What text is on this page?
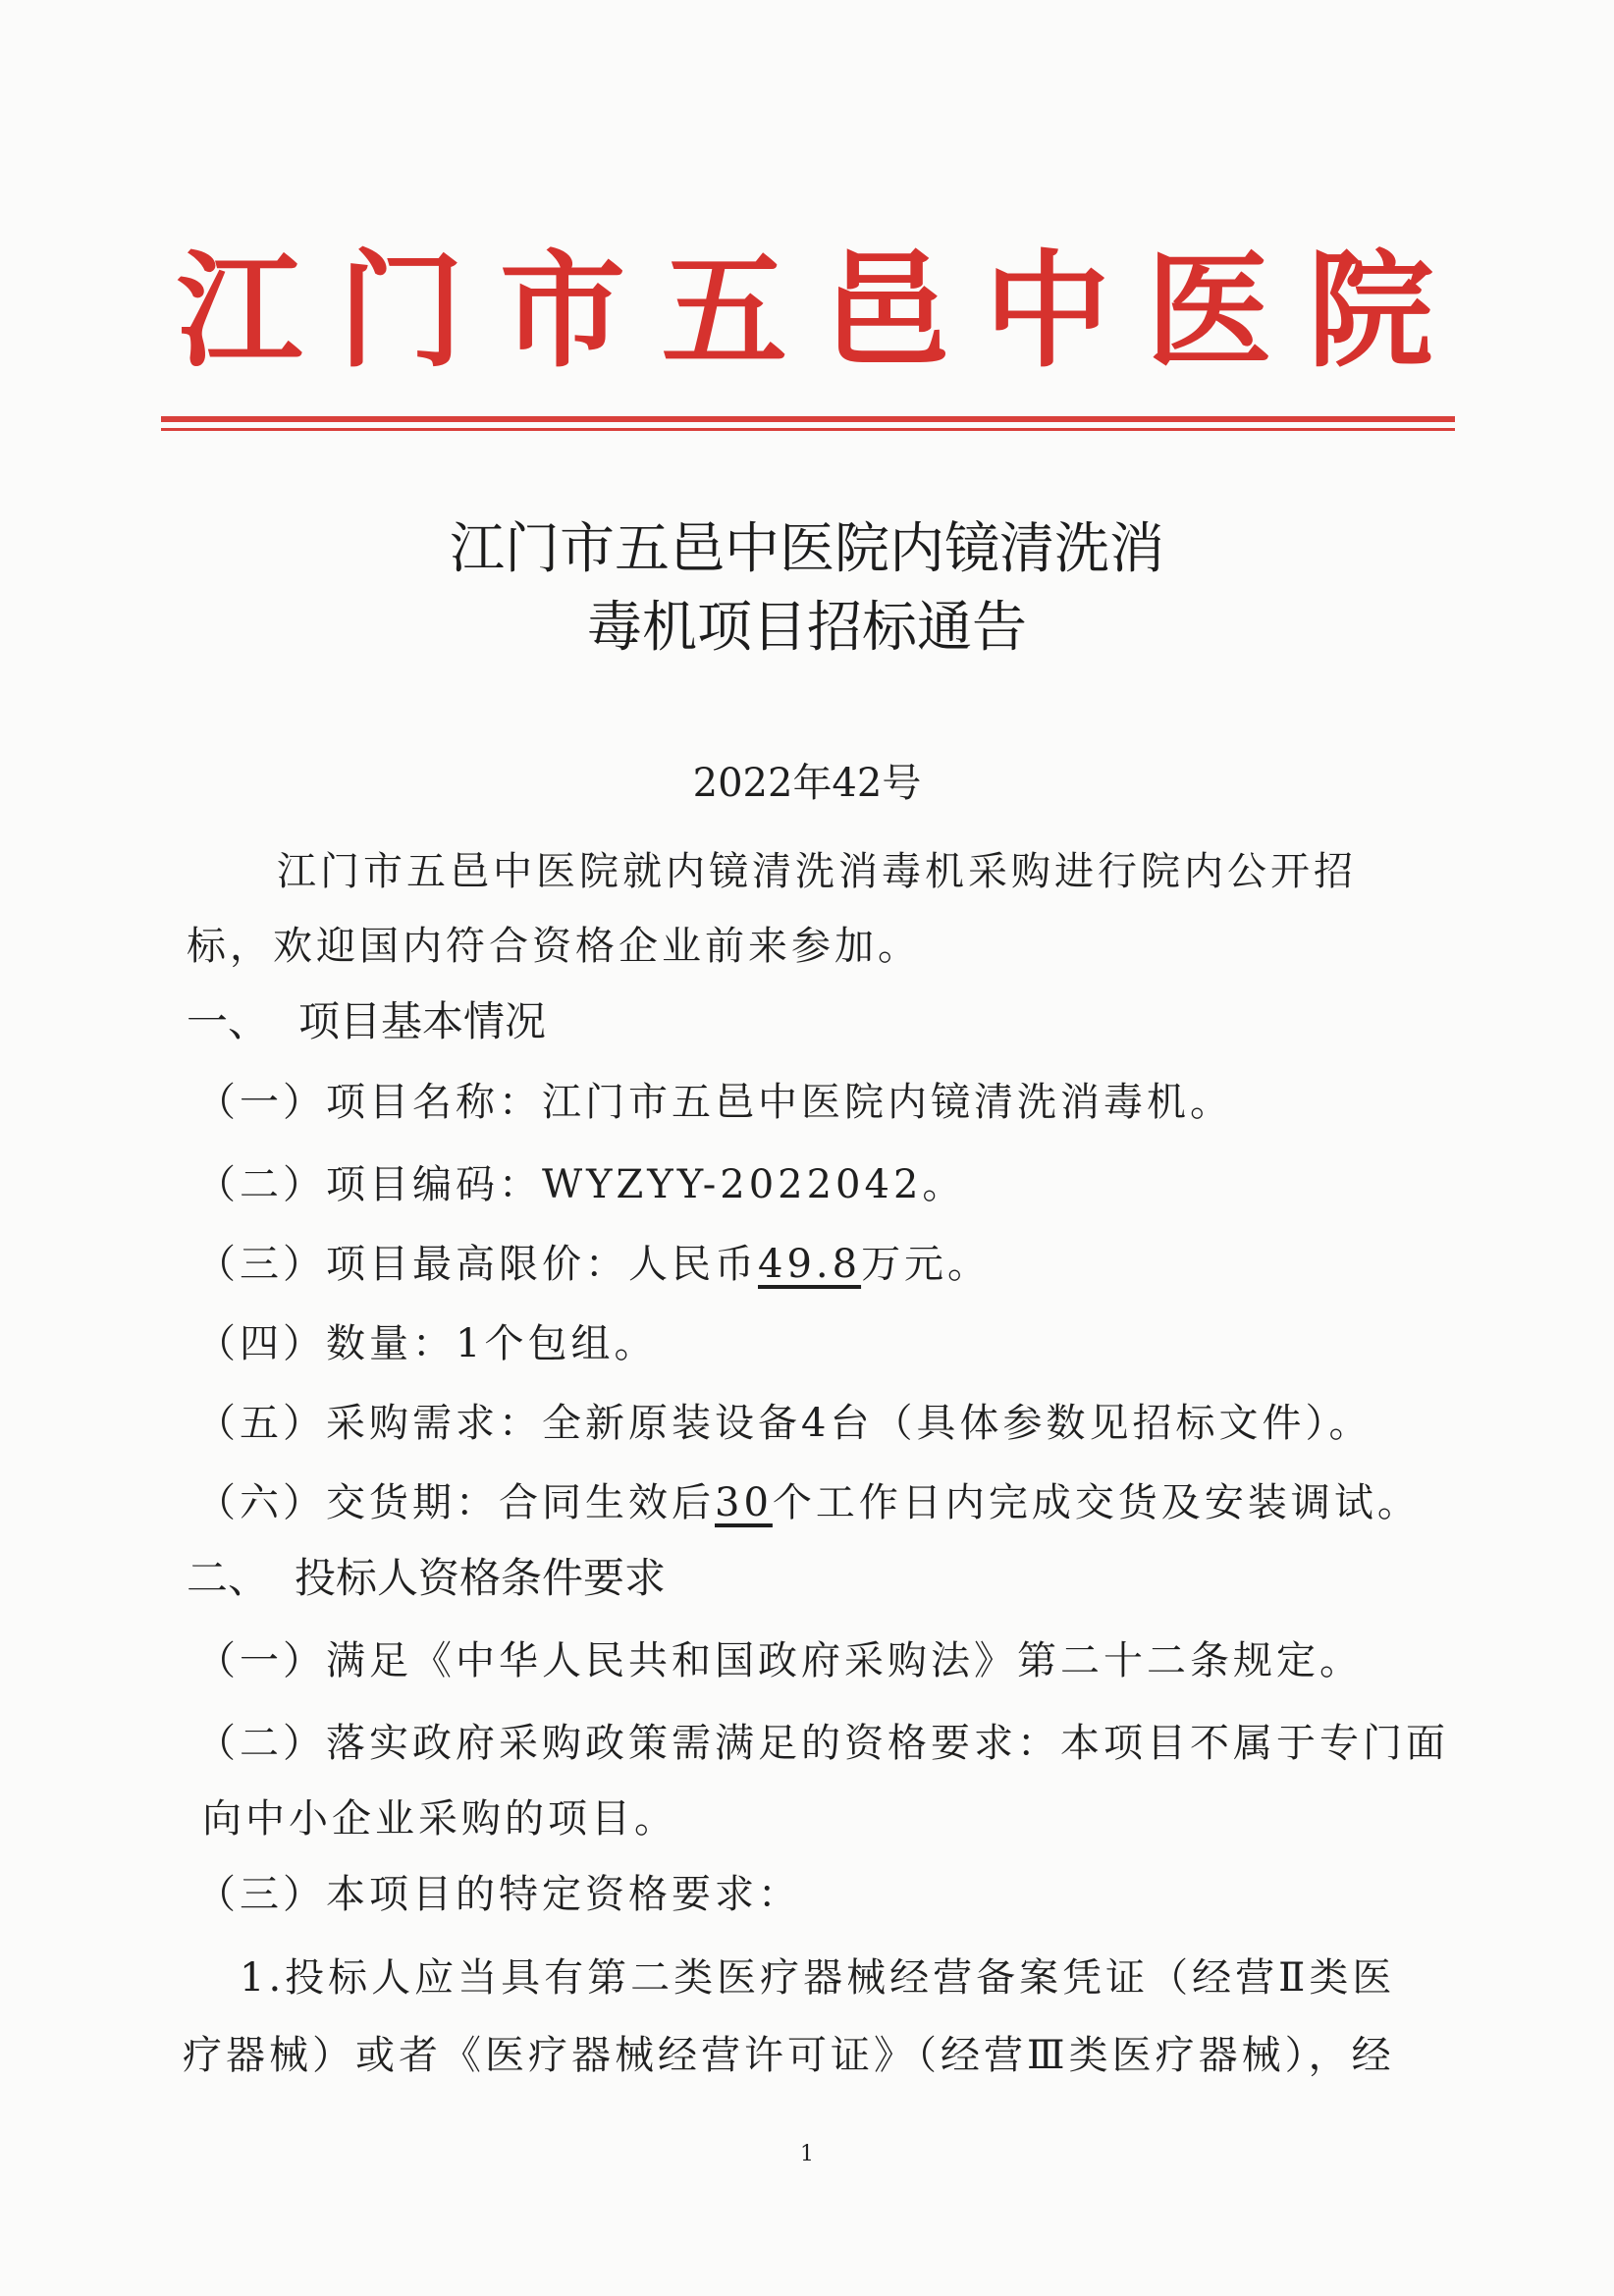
江 门 市 五 邑 中 医 院
江门市五邑中医院内镜清洗消
毒机项目招标通告
2022年42号
江门市五邑中医院就内镜清洗消毒机采购进行院内公开招
标，欢迎国内符合资格企业前来参加。
一、 项目基本情况
（一）项目名称：江门市五邑中医院内镜清洗消毒机。
（二）项目编码：WYZYY-2022042。
（三）项目最高限价：人民币49.8万元。
（四）数量：1个包组。
（五）采购需求：全新原装设备4台（具体参数见招标文件）。
（六）交货期：合同生效后30个工作日内完成交货及安装调试。
二、 投标人资格条件要求
（一）满足《中华人民共和国政府采购法》第二十二条规定。
（二）落实政府采购政策需满足的资格要求：本项目不属于专门面
向中小企业采购的项目。
（三）本项目的特定资格要求：
1.投标人应当具有第二类医疗器械经营备案凭证（经营Ⅱ类医
疗器械）或者《医疗器械经营许可证》（经营Ⅲ类医疗器械），经
1
